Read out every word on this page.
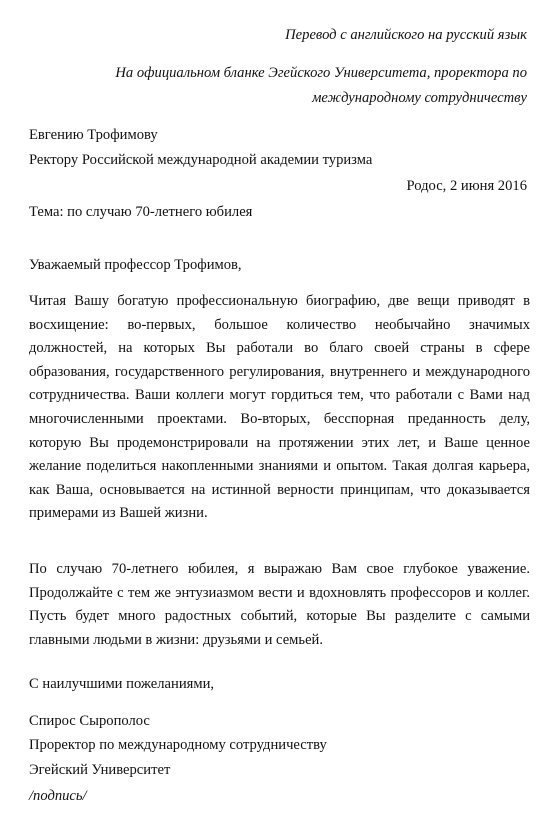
Перевод с английского на русский язык
На официальном бланке Эгейского Университета, проректора по
международному сотрудничеству
Евгению Трофимову
Ректору Российской международной академии туризма
Родос, 2 июня 2016
Тема: по случаю 70-летнего юбилея
Уважаемый профессор Трофимов,
Читая Вашу богатую профессиональную биографию, две вещи приводят в восхищение: во-первых, большое количество необычайно значимых должностей, на которых Вы работали во благо своей страны в сфере образования, государственного регулирования, внутреннего и международного сотрудничества. Ваши коллеги могут гордиться тем, что работали с Вами над многочисленными проектами. Во-вторых, бесспорная преданность делу, которую Вы продемонстрировали на протяжении этих лет, и Ваше ценное желание поделиться накопленными знаниями и опытом. Такая долгая карьера, как Ваша, основывается на истинной верности принципам, что доказывается примерами из Вашей жизни.
По случаю 70-летнего юбилея, я выражаю Вам свое глубокое уважение. Продолжайте с тем же энтузиазмом вести и вдохновлять профессоров и коллег. Пусть будет много радостных событий, которые Вы разделите с самыми главными людьми в жизни: друзьями и семьей.
С наилучшими пожеланиями,
Спирос Сырополос
Проректор по международному сотрудничеству
Эгейский Университет
/подпись/
